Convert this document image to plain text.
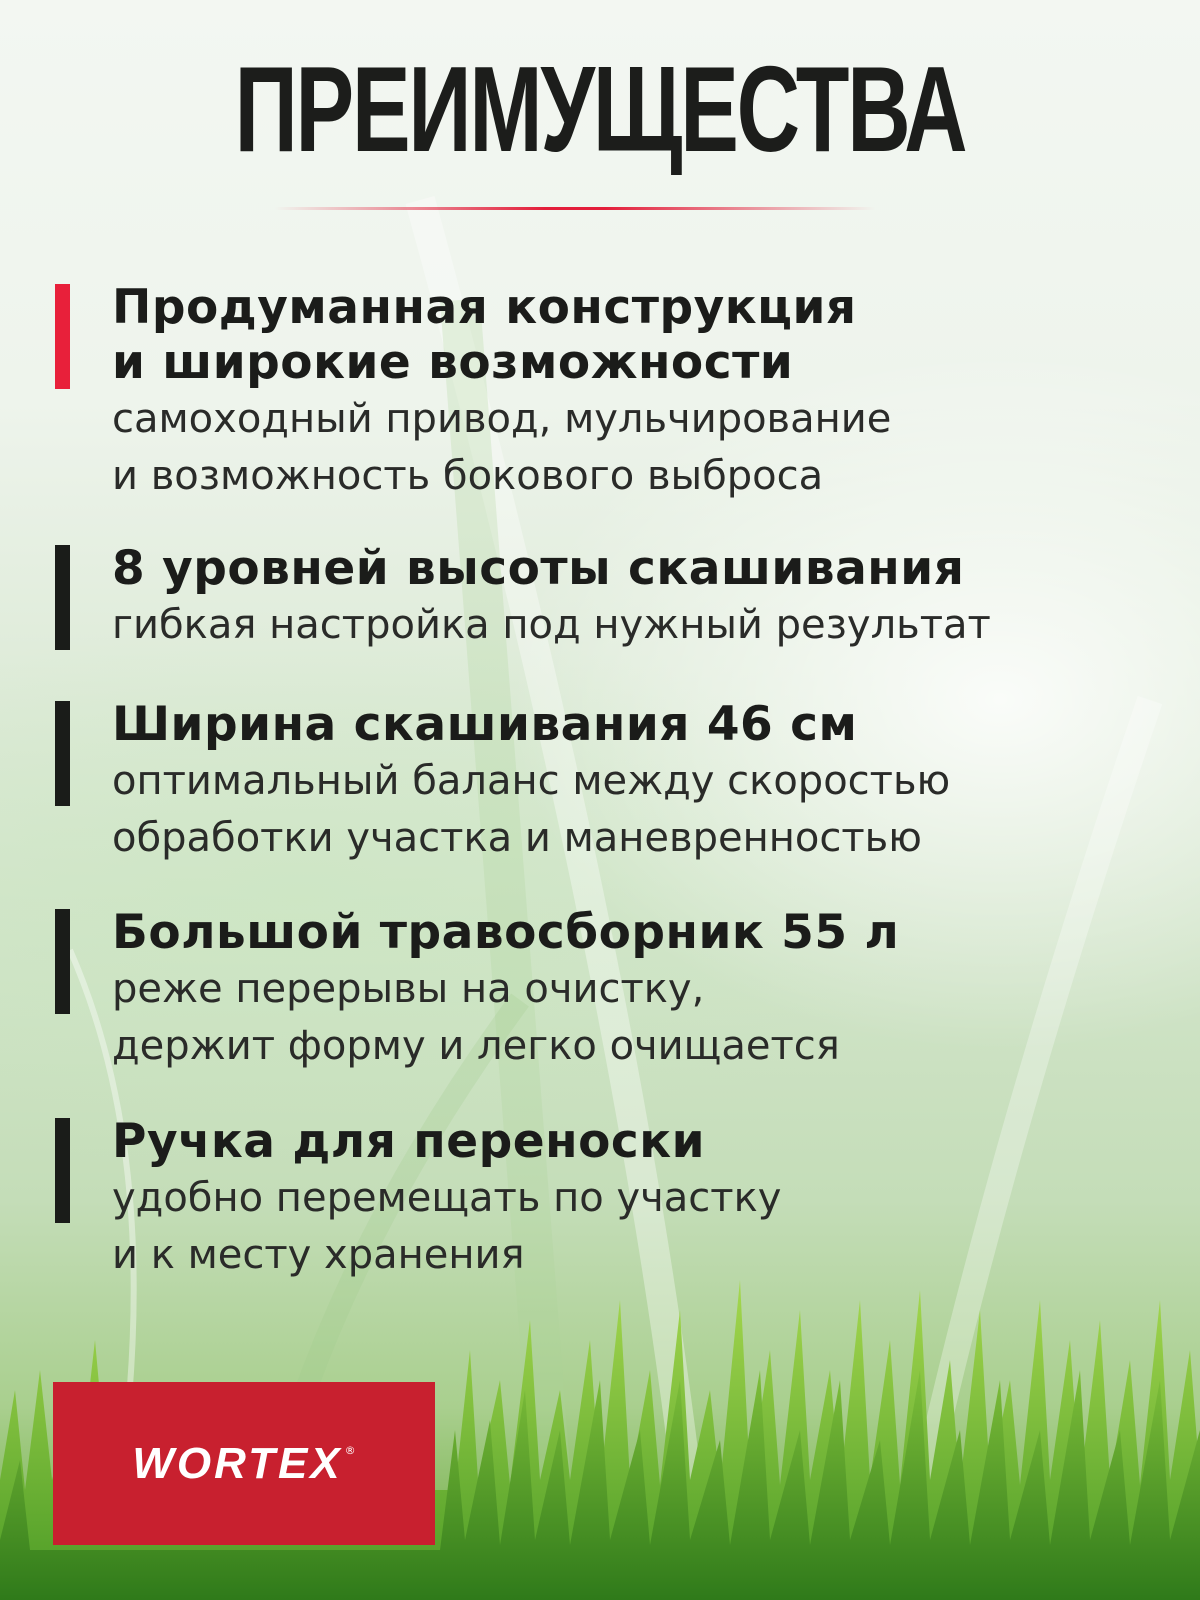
ПРЕИМУЩЕСТВА
Продуманная конструкция
и широкие возможности
самоходный привод, мульчирование
и возможность бокового выброса
8 уровней высоты скашивания
гибкая настройка под нужный результат
Ширина скашивания 46 см
оптимальный баланс между скоростью
обработки участка и маневренностью
Большой травосборник 55 л
реже перерывы на очистку,
держит форму и легко очищается
Ручка для переноски
удобно перемещать по участку
и к месту хранения
WORTEX ®
